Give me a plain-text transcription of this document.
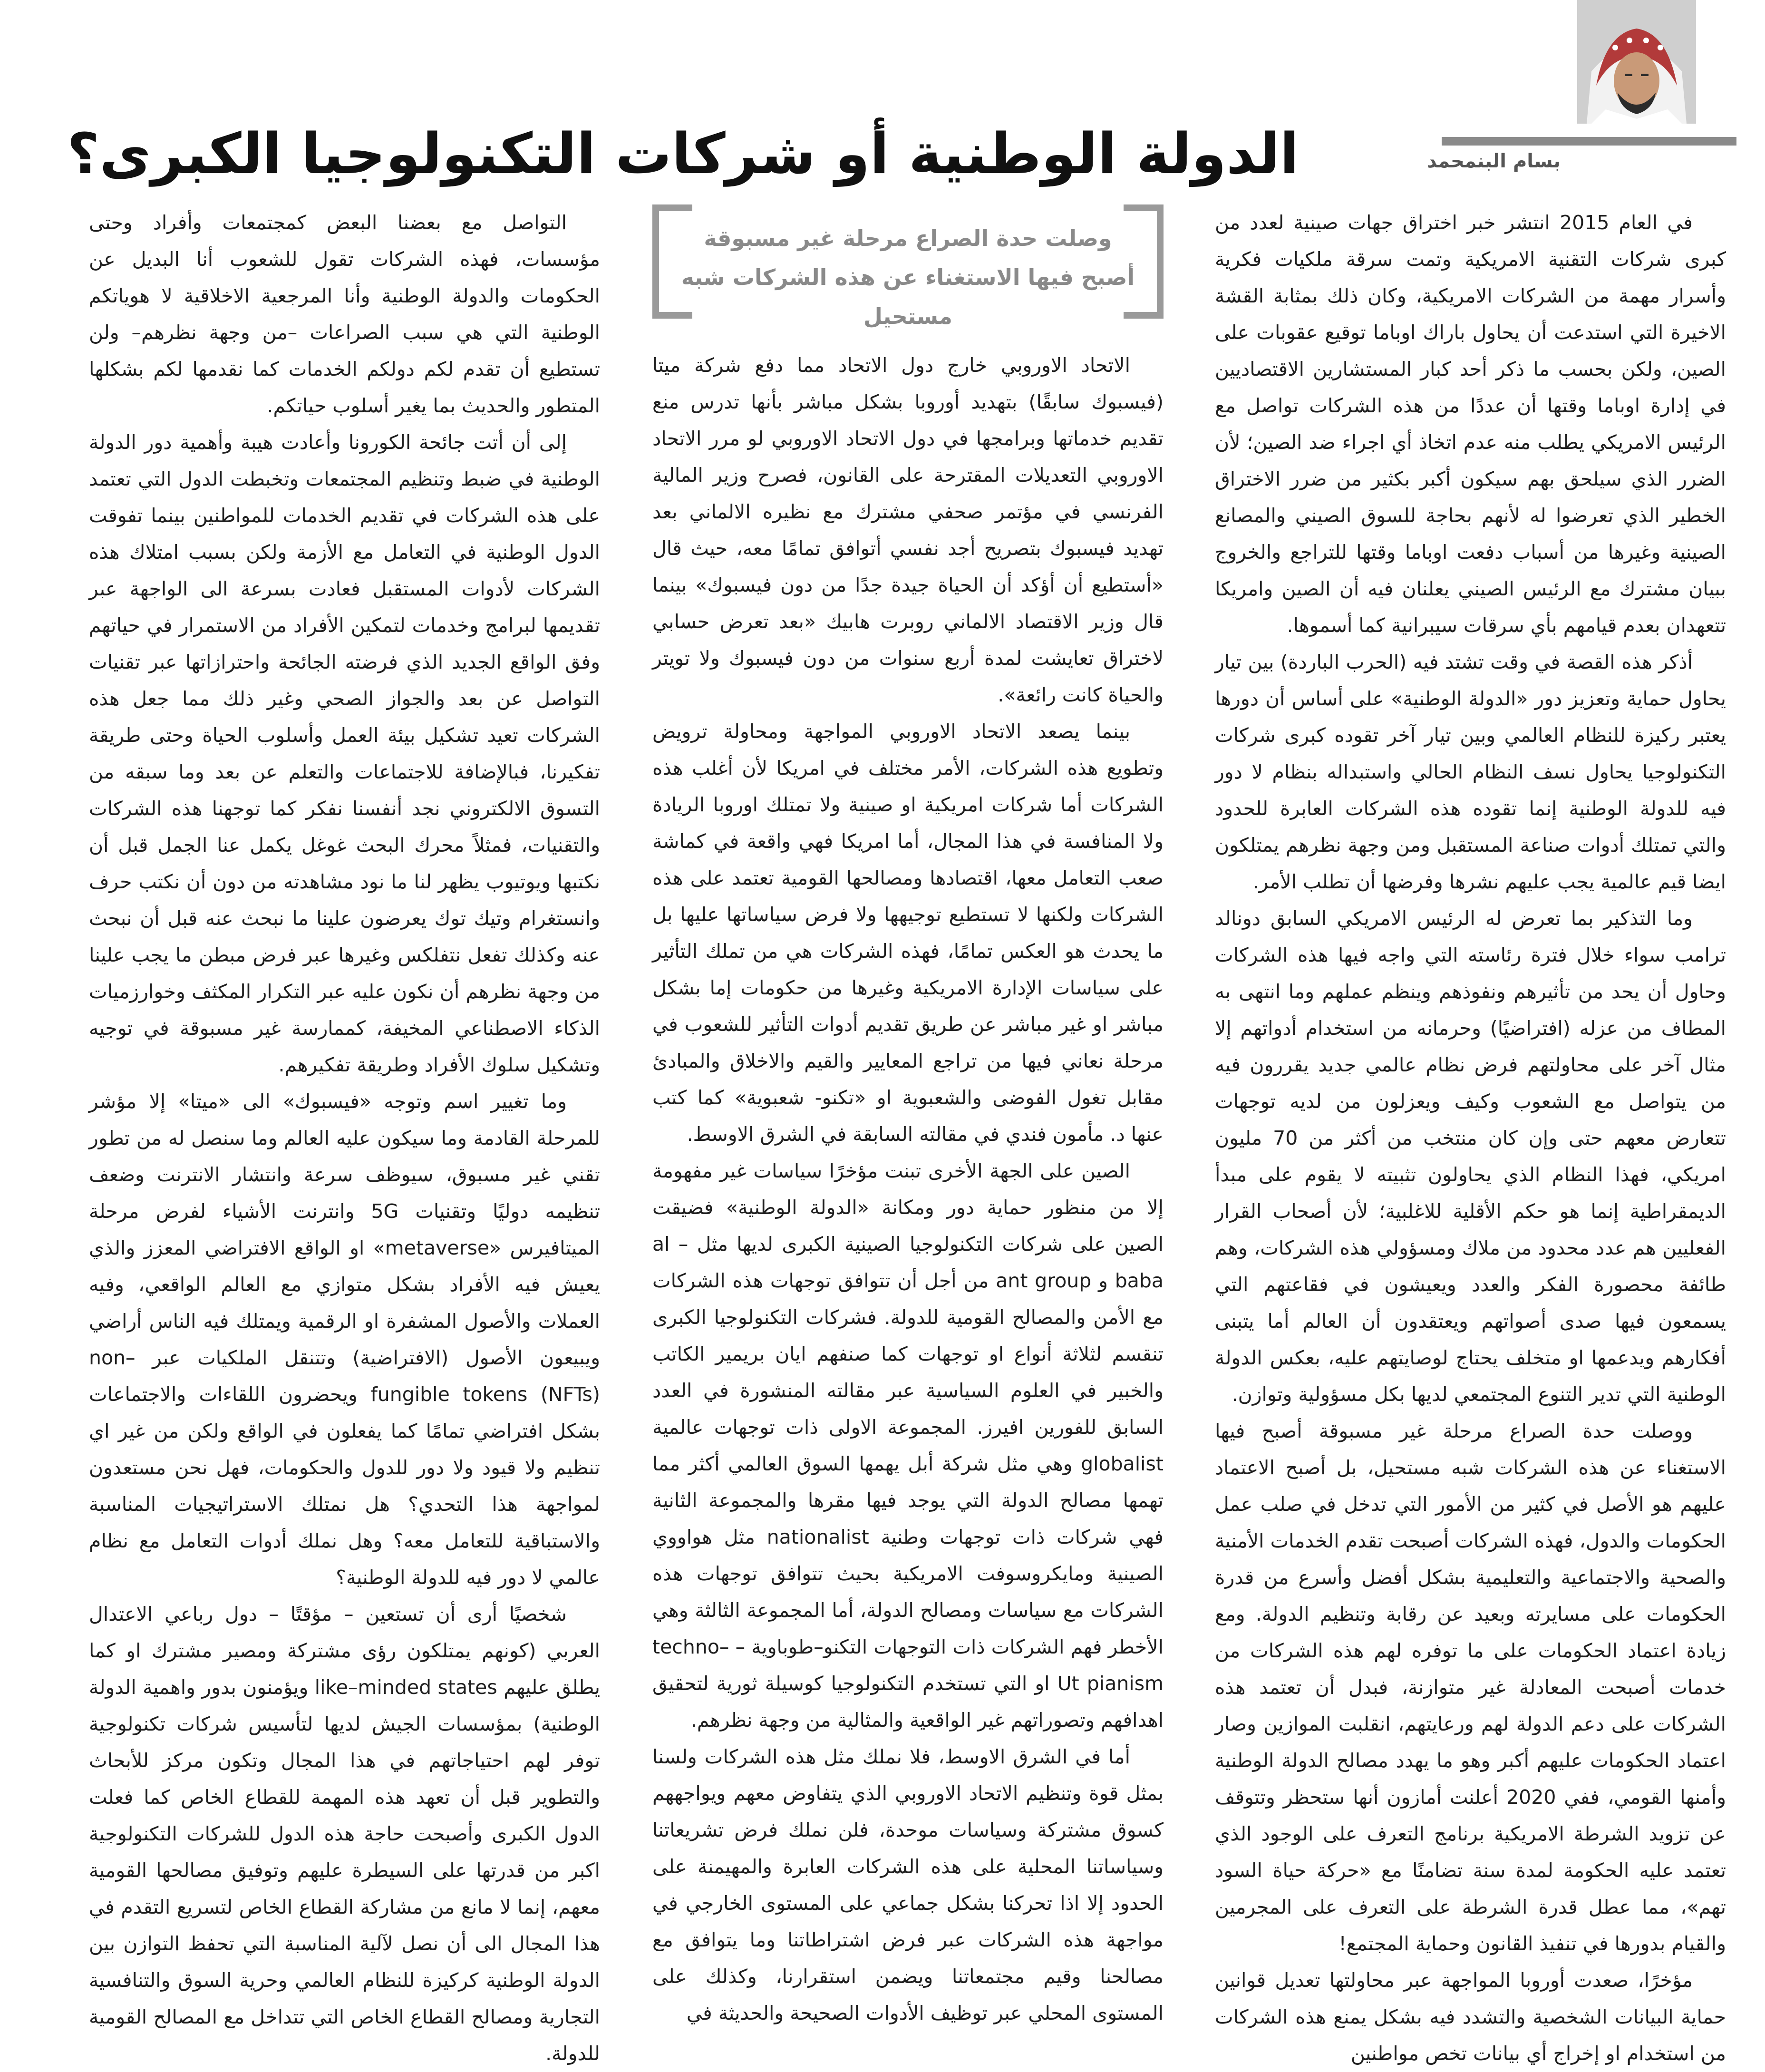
بسام البنمحمد
الدولة الوطنية أو شركات التكنولوجيا الكبرى؟

في العام 2015 انتشر خبر اختراق جهات صينية لعدد من كبرى شركات التقنية الامريكية وتمت سرقة ملكيات فكرية وأسرار مهمة من الشركات الامريكية، وكان ذلك بمثابة القشة الاخيرة التي استدعت أن يحاول باراك اوباما توقيع عقوبات على الصين، ولكن بحسب ما ذكر أحد كبار المستشارين الاقتصاديين في إدارة اوباما وقتها أن عددًا من هذه الشركات تواصل مع الرئيس الامريكي يطلب منه عدم اتخاذ أي اجراء ضد الصين؛ لأن الضرر الذي سيلحق بهم سيكون أكبر بكثير من ضرر الاختراق الخطير الذي تعرضوا له لأنهم بحاجة للسوق الصيني والمصانع الصينية وغيرها من أسباب دفعت اوباما وقتها للتراجع والخروج ببيان مشترك مع الرئيس الصيني يعلنان فيه أن الصين وامريكا تتعهدان بعدم قيامهم بأي سرقات سيبرانية كما أسموها.

أذكر هذه القصة في وقت تشتد فيه (الحرب الباردة) بين تيار يحاول حماية وتعزيز دور «الدولة الوطنية» على أساس أن دورها يعتبر ركيزة للنظام العالمي وبين تيار آخر تقوده كبرى شركات التكنولوجيا يحاول نسف النظام الحالي واستبداله بنظام لا دور فيه للدولة الوطنية إنما تقوده هذه الشركات العابرة للحدود والتي تمتلك أدوات صناعة المستقبل ومن وجهة نظرهم يمتلكون ايضا قيم عالمية يجب عليهم نشرها وفرضها أن تطلب الأمر.

وما التذكير بما تعرض له الرئيس الامريكي السابق دونالد ترامب سواء خلال فترة رئاسته التي واجه فيها هذه الشركات وحاول أن يحد من تأثيرهم ونفوذهم وينظم عملهم وما انتهى به المطاف من عزله (افتراضيًا) وحرمانه من استخدام أدواتهم إلا مثال آخر على محاولتهم فرض نظام عالمي جديد يقررون فيه من يتواصل مع الشعوب وكيف ويعزلون من لديه توجهات تتعارض معهم حتى وإن كان منتخب من أكثر من 70 مليون امريكي، فهذا النظام الذي يحاولون تثبيته لا يقوم على مبدأ الديمقراطية إنما هو حكم الأقلية للاغلبية؛ لأن أصحاب القرار الفعليين هم عدد محدود من ملاك ومسؤولي هذه الشركات، وهم طائفة محصورة الفكر والعدد ويعيشون في فقاعتهم التي يسمعون فيها صدى أصواتهم ويعتقدون أن العالم أما يتبنى أفكارهم ويدعمها او متخلف يحتاج لوصايتهم عليه، بعكس الدولة الوطنية التي تدير التنوع المجتمعي لديها بكل مسؤولية وتوازن.

ووصلت حدة الصراع مرحلة غير مسبوقة أصبح فيها الاستغناء عن هذه الشركات شبه مستحيل، بل أصبح الاعتماد عليهم هو الأصل في كثير من الأمور التي تدخل في صلب عمل الحكومات والدول، فهذه الشركات أصبحت تقدم الخدمات الأمنية والصحية والاجتماعية والتعليمية بشكل أفضل وأسرع من قدرة الحكومات على مسايرته وبعيد عن رقابة وتنظيم الدولة. ومع زيادة اعتماد الحكومات على ما توفره لهم هذه الشركات من خدمات أصبحت المعادلة غير متوازنة، فبدل أن تعتمد هذه الشركات على دعم الدولة لهم ورعايتهم، انقلبت الموازين وصار اعتماد الحكومات عليهم أكبر وهو ما يهدد مصالح الدولة الوطنية وأمنها القومي، ففي 2020 أعلنت أمازون أنها ستحظر وتتوقف عن تزويد الشرطة الامريكية برنامج التعرف على الوجود الذي تعتمد عليه الحكومة لمدة سنة تضامنًا مع «حركة حياة السود تهم»، مما عطل قدرة الشرطة على التعرف على المجرمين والقيام بدورها في تنفيذ القانون وحماية المجتمع!

مؤخرًا، صعدت أوروبا المواجهة عبر محاولتها تعديل قوانين حماية البيانات الشخصية والتشدد فيه بشكل يمنع هذه الشركات من استخدام او إخراج أي بيانات تخص مواطنين

وصلت حدة الصراع مرحلة غير مسبوقة أصبح فيها الاستغناء عن هذه الشركات شبه مستحيل

الاتحاد الاوروبي خارج دول الاتحاد مما دفع شركة ميتا (فيسبوك سابقًا) بتهديد أوروبا بشكل مباشر بأنها تدرس منع تقديم خدماتها وبرامجها في دول الاتحاد الاوروبي لو مرر الاتحاد الاوروبي التعديلات المقترحة على القانون، فصرح وزير المالية الفرنسي في مؤتمر صحفي مشترك مع نظيره الالماني بعد تهديد فيسبوك بتصريح أجد نفسي أتوافق تمامًا معه، حيث قال «أستطيع أن أؤكد أن الحياة جيدة جدًا من دون فيسبوك» بينما قال وزير الاقتصاد الالماني روبرت هابيك «بعد تعرض حسابي لاختراق تعايشت لمدة أربع سنوات من دون فيسبوك ولا تويتر والحياة كانت رائعة».

بينما يصعد الاتحاد الاوروبي المواجهة ومحاولة ترويض وتطويع هذه الشركات، الأمر مختلف في امريكا لأن أغلب هذه الشركات أما شركات امريكية او صينية ولا تمتلك اوروبا الريادة ولا المنافسة في هذا المجال، أما امريكا فهي واقعة في كماشة صعب التعامل معها، اقتصادها ومصالحها القومية تعتمد على هذه الشركات ولكنها لا تستطيع توجيهها ولا فرض سياساتها عليها بل ما يحدث هو العكس تمامًا، فهذه الشركات هي من تملك التأثير على سياسات الإدارة الامريكية وغيرها من حكومات إما بشكل مباشر او غير مباشر عن طريق تقديم أدوات التأثير للشعوب في مرحلة نعاني فيها من تراجع المعايير والقيم والاخلاق والمبادئ مقابل تغول الفوضى والشعبوية او «تكنو- شعبوية» كما كتب عنها د. مأمون فندي في مقالته السابقة في الشرق الاوسط.

الصين على الجهة الأخرى تبنت مؤخرًا سياسات غير مفهومة إلا من منظور حماية دور ومكانة «الدولة الوطنية» فضيقت الصين على شركات التكنولوجيا الصينية الكبرى لديها مثل al – baba و ant group من أجل أن تتوافق توجهات هذه الشركات مع الأمن والمصالح القومية للدولة. فشركات التكنولوجيا الكبرى تنقسم لثلاثة أنواع او توجهات كما صنفهم ايان بريمير الكاتب والخبير في العلوم السياسية عبر مقالته المنشورة في العدد السابق للفورين افيرز. المجموعة الاولى ذات توجهات عالمية globalist وهي مثل شركة أبل يهمها السوق العالمي أكثر مما تهمها مصالح الدولة التي يوجد فيها مقرها والمجموعة الثانية فهي شركات ذات توجهات وطنية nationalist مثل هواووي الصينية ومايكروسوفت الامريكية بحيث تتوافق توجهات هذه الشركات مع سياسات ومصالح الدولة، أما المجموعة الثالثة وهي الأخطر فهم الشركات ذات التوجهات التكنو–طوباوية – techno–Ut pianism او التي تستخدم التكنولوجيا كوسيلة ثورية لتحقيق اهدافهم وتصوراتهم غير الواقعية والمثالية من وجهة نظرهم.

أما في الشرق الاوسط، فلا نملك مثل هذه الشركات ولسنا بمثل قوة وتنظيم الاتحاد الاوروبي الذي يتفاوض معهم ويواجههم كسوق مشتركة وسياسات موحدة، فلن نملك فرض تشريعاتنا وسياساتنا المحلية على هذه الشركات العابرة والمهيمنة على الحدود إلا اذا تحركنا بشكل جماعي على المستوى الخارجي في مواجهة هذه الشركات عبر فرض اشتراطاتنا وما يتوافق مع مصالحنا وقيم مجتمعاتنا ويضمن استقرارنا، وكذلك على المستوى المحلي عبر توظيف الأدوات الصحيحة والحديثة في

التواصل مع بعضنا البعض كمجتمعات وأفراد وحتى مؤسسات، فهذه الشركات تقول للشعوب أنا البديل عن الحكومات والدولة الوطنية وأنا المرجعية الاخلاقية لا هوياتكم الوطنية التي هي سبب الصراعات –من وجهة نظرهم– ولن تستطيع أن تقدم لكم دولكم الخدمات كما نقدمها لكم بشكلها المتطور والحديث بما يغير أسلوب حياتكم.

إلى أن أتت جائحة الكورونا وأعادت هيبة وأهمية دور الدولة الوطنية في ضبط وتنظيم المجتمعات وتخبطت الدول التي تعتمد على هذه الشركات في تقديم الخدمات للمواطنين بينما تفوقت الدول الوطنية في التعامل مع الأزمة ولكن بسبب امتلاك هذه الشركات لأدوات المستقبل فعادت بسرعة الى الواجهة عبر تقديمها لبرامج وخدمات لتمكين الأفراد من الاستمرار في حياتهم وفق الواقع الجديد الذي فرضته الجائحة واحترازاتها عبر تقنيات التواصل عن بعد والجواز الصحي وغير ذلك مما جعل هذه الشركات تعيد تشكيل بيئة العمل وأسلوب الحياة وحتى طريقة تفكيرنا، فبالإضافة للاجتماعات والتعلم عن بعد وما سبقه من التسوق الالكتروني نجد أنفسنا نفكر كما توجهنا هذه الشركات والتقنيات، فمثلاً محرك البحث غوغل يكمل عنا الجمل قبل أن نكتبها ويوتيوب يظهر لنا ما نود مشاهدته من دون أن نكتب حرف وانستغرام وتيك توك يعرضون علينا ما نبحث عنه قبل أن نبحث عنه وكذلك تفعل نتفلكس وغيرها عبر فرض مبطن ما يجب علينا من وجهة نظرهم أن نكون عليه عبر التكرار المكثف وخوارزميات الذكاء الاصطناعي المخيفة، كممارسة غير مسبوقة في توجيه وتشكيل سلوك الأفراد وطريقة تفكيرهم.

وما تغيير اسم وتوجه «فيسبوك» الى «ميتا» إلا مؤشر للمرحلة القادمة وما سيكون عليه العالم وما سنصل له من تطور تقني غير مسبوق، سيوظف سرعة وانتشار الانترنت وضعف تنظيمه دوليًا وتقنيات 5G وانترنت الأشياء لفرض مرحلة الميتافيرس «metaverse» او الواقع الافتراضي المعزز والذي يعيش فيه الأفراد بشكل متوازي مع العالم الواقعي، وفيه العملات والأصول المشفرة او الرقمية ويمتلك فيه الناس أراضي ويبيعون الأصول (الافتراضية) وتتنقل الملكيات عبر non–fungible tokens (NFTs) ويحضرون اللقاءات والاجتماعات بشكل افتراضي تمامًا كما يفعلون في الواقع ولكن من غير اي تنظيم ولا قيود ولا دور للدول والحكومات، فهل نحن مستعدون لمواجهة هذا التحدي؟ هل نمتلك الاستراتيجيات المناسبة والاستباقية للتعامل معه؟ وهل نملك أدوات التعامل مع نظام عالمي لا دور فيه للدولة الوطنية؟

شخصيًا أرى أن تستعين – مؤقتًا – دول رباعي الاعتدال العربي (كونهم يمتلكون رؤى مشتركة ومصير مشترك او كما يطلق عليهم like–minded states ويؤمنون بدور واهمية الدولة الوطنية) بمؤسسات الجيش لديها لتأسيس شركات تكنولوجية توفر لهم احتياجاتهم في هذا المجال وتكون مركز للأبحاث والتطوير قبل أن تعهد هذه المهمة للقطاع الخاص كما فعلت الدول الكبرى وأصبحت حاجة هذه الدول للشركات التكنولوجية اكبر من قدرتها على السيطرة عليهم وتوفيق مصالحها القومية معهم، إنما لا مانع من مشاركة القطاع الخاص لتسريع التقدم في هذا المجال الى أن نصل لآلية المناسبة التي تحفظ التوازن بين الدولة الوطنية كركيزة للنظام العالمي وحرية السوق والتنافسية التجارية ومصالح القطاع الخاص التي تتداخل مع المصالح القومية للدولة.
